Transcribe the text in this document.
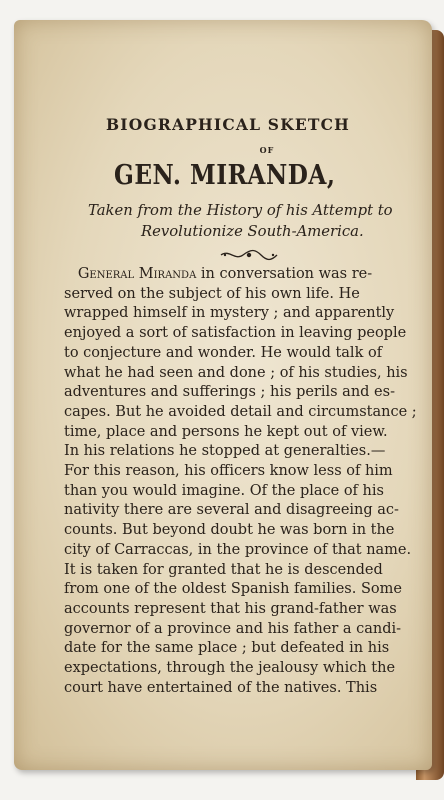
BIOGRAPHICAL SKETCH
OF
GEN. MIRANDA,
Taken from the History of his Attempt to
Revolutionize South-America.
General Miranda in conversation was re-
served on the subject of his own life. He
wrapped himself in mystery ; and apparently
enjoyed a sort of satisfaction in leaving people
to conjecture and wonder. He would talk of
what he had seen and done ; of his studies, his
adventures and sufferings ; his perils and es-
capes. But he avoided detail and circumstance ;
time, place and persons he kept out of view.
In his relations he stopped at generalties.—
For this reason, his officers know less of him
than you would imagine. Of the place of his
nativity there are several and disagreeing ac-
counts. But beyond doubt he was born in the
city of Carraccas, in the province of that name.
It is taken for granted that he is descended
from one of the oldest Spanish families. Some
accounts represent that his grand-father was
governor of a province and his father a candi-
date for the same place ; but defeated in his
expectations, through the jealousy which the
court have entertained of the natives. This
